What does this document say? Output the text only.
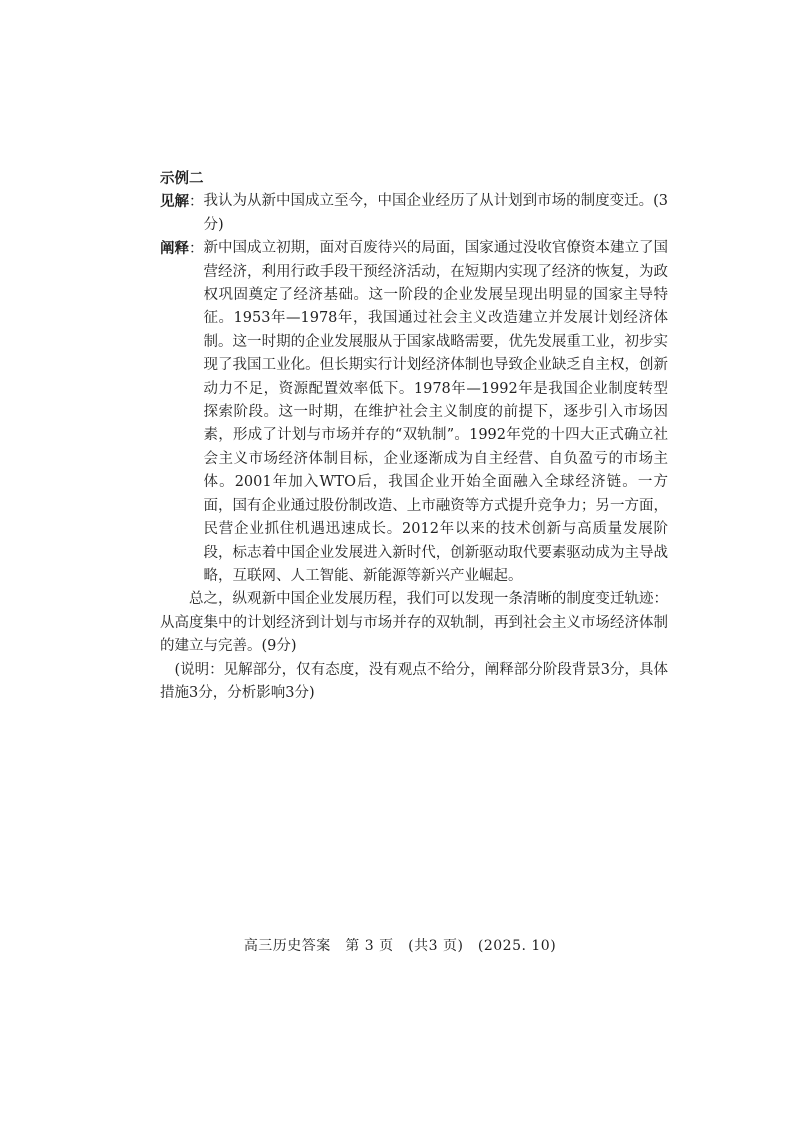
示例二
见解： 我认为从新中国成立至今，中国企业经历了从计划到市场的制度变迁。(3分)
阐释： 新中国成立初期，面对百废待兴的局面，国家通过没收官僚资本建立了国营经济，利用行政手段干预经济活动，在短期内实现了经济的恢复，为政权巩固奠定了经济基础。这一阶段的企业发展呈现出明显的国家主导特征。1953年—1978年，我国通过社会主义改造建立并发展计划经济体制。这一时期的企业发展服从于国家战略需要，优先发展重工业，初步实现了我国工业化。但长期实行计划经济体制也导致企业缺乏自主权，创新动力不足，资源配置效率低下。1978年—1992年是我国企业制度转型探索阶段。这一时期，在维护社会主义制度的前提下，逐步引入市场因素，形成了计划与市场并存的“双轨制”。1992年党的十四大正式确立社会主义市场经济体制目标，企业逐渐成为自主经营、自负盈亏的市场主体。2001年加入WTO后，我国企业开始全面融入全球经济链。一方面，国有企业通过股份制改造、上市融资等方式提升竞争力；另一方面，民营企业抓住机遇迅速成长。2012年以来的技术创新与高质量发展阶段，标志着中国企业发展进入新时代，创新驱动取代要素驱动成为主导战略，互联网、人工智能、新能源等新兴产业崛起。
总之，纵观新中国企业发展历程，我们可以发现一条清晰的制度变迁轨迹：从高度集中的计划经济到计划与市场并存的双轨制，再到社会主义市场经济体制的建立与完善。(9分)
(说明：见解部分，仅有态度，没有观点不给分，阐释部分阶段背景3分，具体措施3分，分析影响3分)
高三历史答案　第 3 页　(共3 页)　(2025. 10)
